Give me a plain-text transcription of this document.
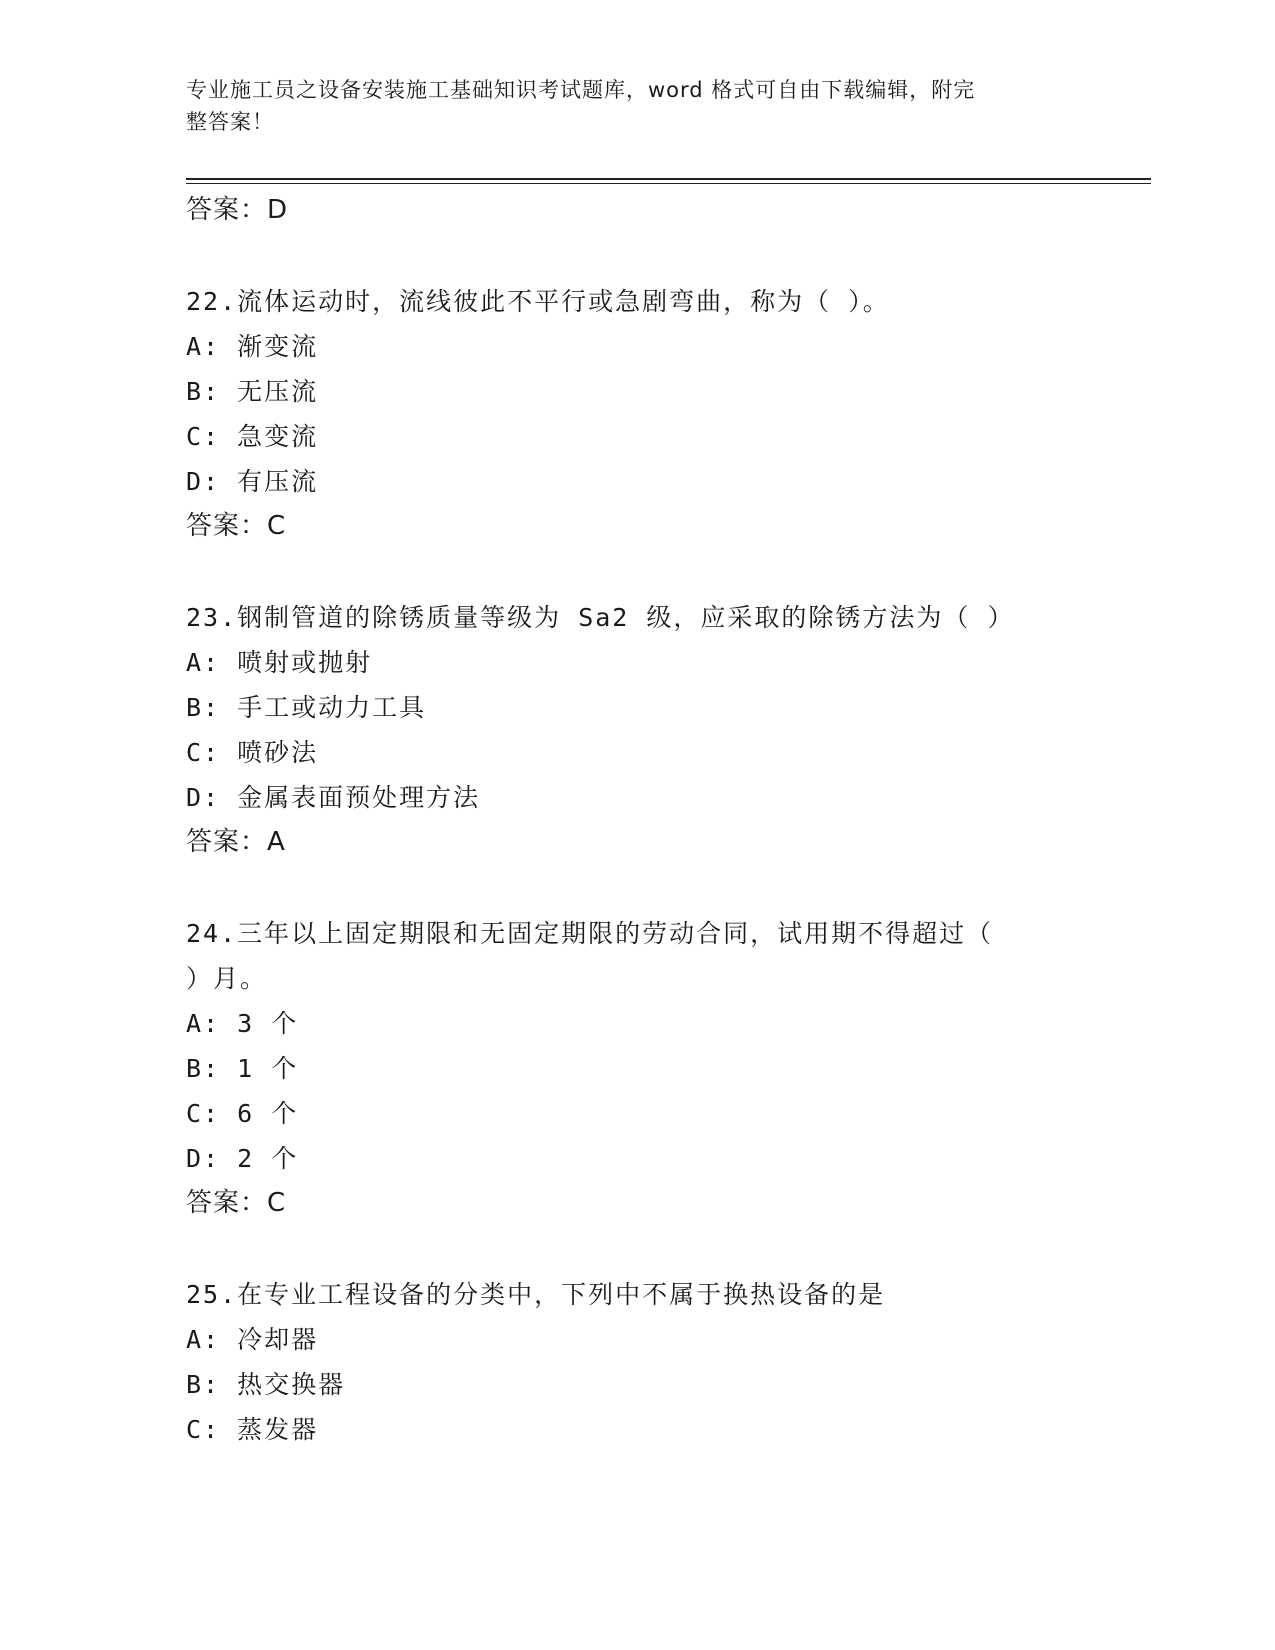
专业施工员之设备安装施工基础知识考试题库，word 格式可自由下载编辑，附完
整答案！
答案：D
22.流体运动时，流线彼此不平行或急剧弯曲，称为（ ）。
A: 渐变流
B: 无压流
C: 急变流
D: 有压流
答案：C
23.钢制管道的除锈质量等级为 Sa2 级，应采取的除锈方法为（ ）
A: 喷射或抛射
B: 手工或动力工具
C: 喷砂法
D: 金属表面预处理方法
答案：A
24.三年以上固定期限和无固定期限的劳动合同，试用期不得超过（
）月。
A: 3 个
B: 1 个
C: 6 个
D: 2 个
答案：C
25.在专业工程设备的分类中，下列中不属于换热设备的是
A: 冷却器
B: 热交换器
C: 蒸发器
